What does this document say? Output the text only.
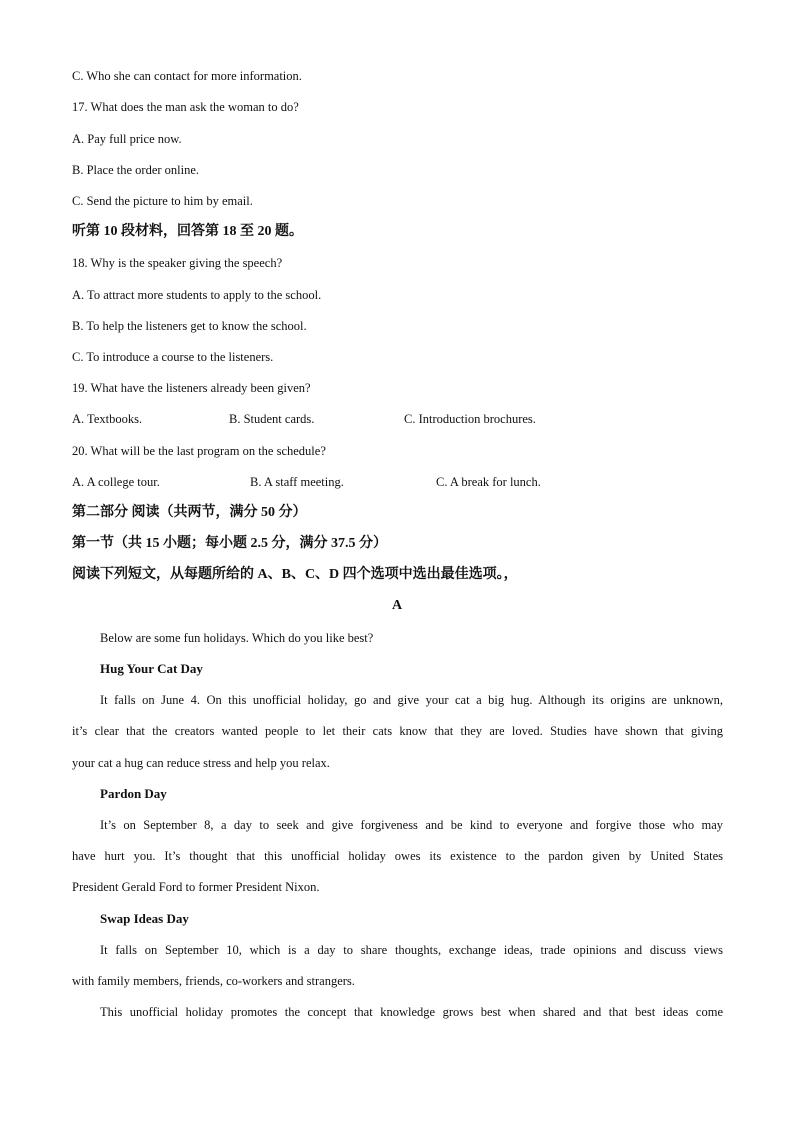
C. Who she can contact for more information.
17. What does the man ask the woman to do?
A. Pay full price now.
B. Place the order online.
C. Send the picture to him by email.
听第 10 段材料，回答第 18 至 20 题。
18. Why is the speaker giving the speech?
A. To attract more students to apply to the school.
B. To help the listeners get to know the school.
C. To introduce a course to the listeners.
19. What have the listeners already been given?
A. Textbooks.	B. Student cards.	C. Introduction brochures.
20. What will be the last program on the schedule?
A. A college tour.	B. A staff meeting.	C. A break for lunch.
第二部分 阅读（共两节，满分 50 分）
第一节（共 15 小题；每小题 2.5 分，满分 37.5 分）
阅读下列短文，从每题所给的 A、B、C、D 四个选项中选出最佳选项。，
A
Below are some fun holidays. Which do you like best?
Hug Your Cat Day
It falls on June 4. On this unofficial holiday, go and give your cat a big hug. Although its origins are unknown,
it’s clear that the creators wanted people to let their cats know that they are loved. Studies have shown that giving
your cat a hug can reduce stress and help you relax.
Pardon Day
It’s on September 8, a day to seek and give forgiveness and be kind to everyone and forgive those who may
have hurt you. It’s thought that this unofficial holiday owes its existence to the pardon given by United States
President Gerald Ford to former President Nixon.
Swap Ideas Day
It falls on September 10, which is a day to share thoughts, exchange ideas, trade opinions and discuss views
with family members, friends, co-workers and strangers.
This unofficial holiday promotes the concept that knowledge grows best when shared and that best ideas come
